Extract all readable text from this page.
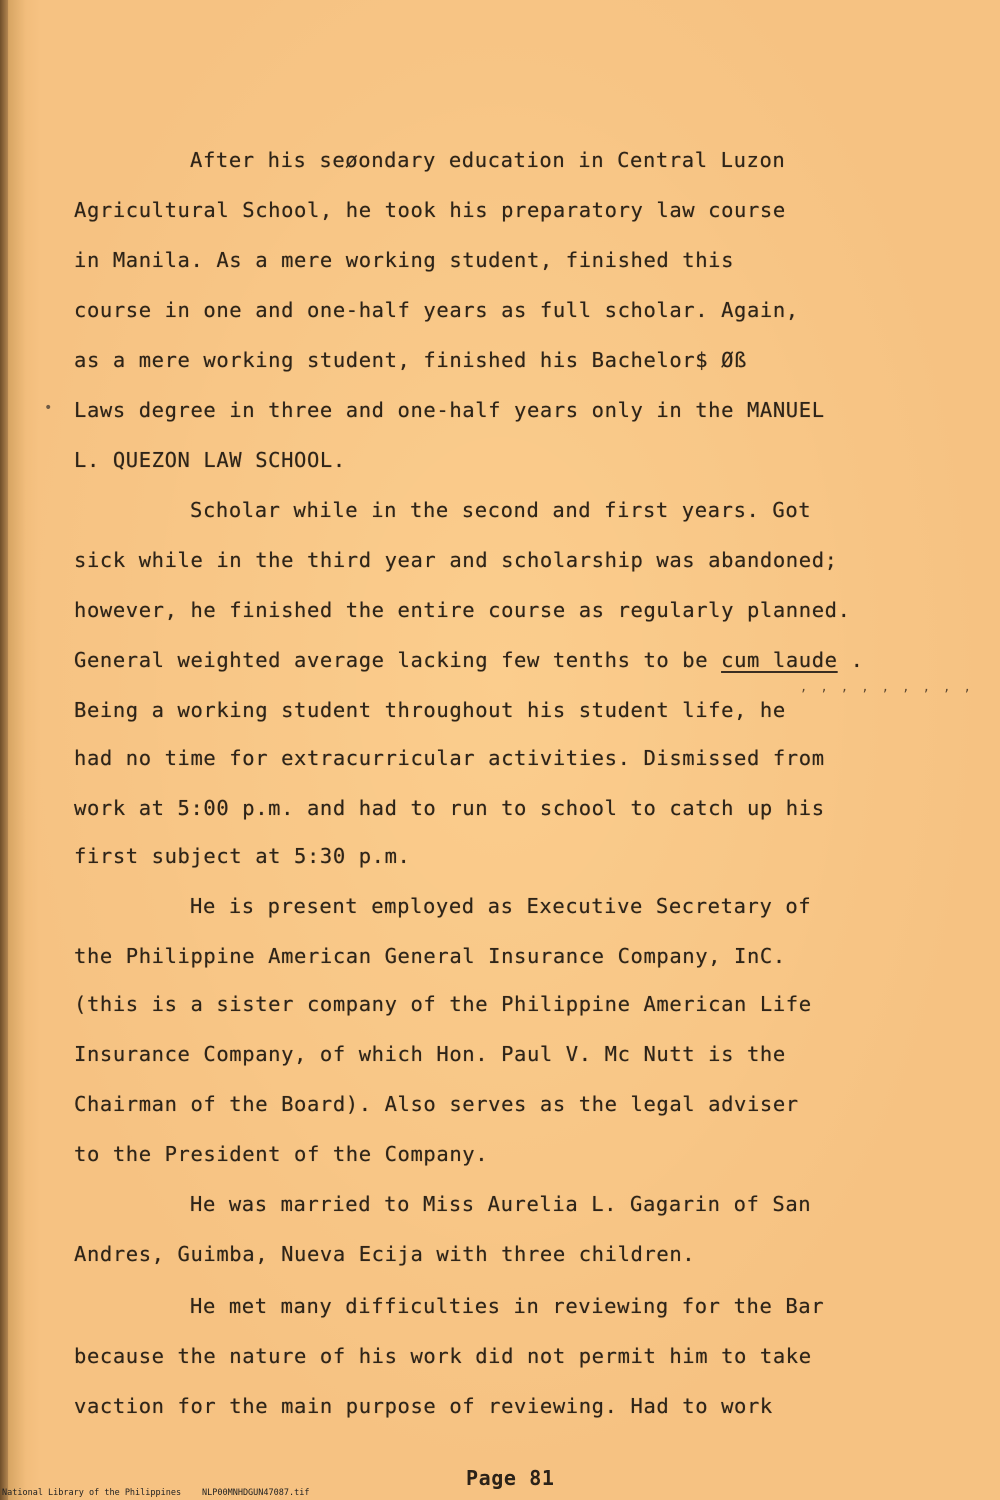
After his seøondary education in Central Luzon

Agricultural School, he took his preparatory law course

in Manila. As a mere working student, finished this

course in one and one-half years as full scholar. Again,

as a mere working student, finished his Bachelor$ Øß

Laws degree in three and one-half years only in the MANUEL

L. QUEZON LAW SCHOOL.

Scholar while in the second and first years. Got

sick while in the third year and scholarship was abandoned;

however, he finished the entire course as regularly planned.

General weighted average lacking few tenths to be cum laude .

, , , , , , , , ,

Being a working student throughout his student life, he

had no time for extracurricular activities. Dismissed from

work at 5:00 p.m. and had to run to school to catch up his

first subject at 5:30 p.m.

He is present employed as Executive Secretary of

the Philippine American General Insurance Company, InC.

(this is a sister company of the Philippine American Life

Insurance Company, of which Hon. Paul V. Mc Nutt is the

Chairman of the Board). Also serves as the legal adviser

to the President of the Company.

He was married to Miss Aurelia L. Gagarin of San

Andres, Guimba, Nueva Ecija with three children.

He met many difficulties in reviewing for the Bar

because the nature of his work did not permit him to take

vaction for the main purpose of reviewing. Had to work

•
Page 81
National Library of the Philippines NLP00MNHDGUN47087.tif
